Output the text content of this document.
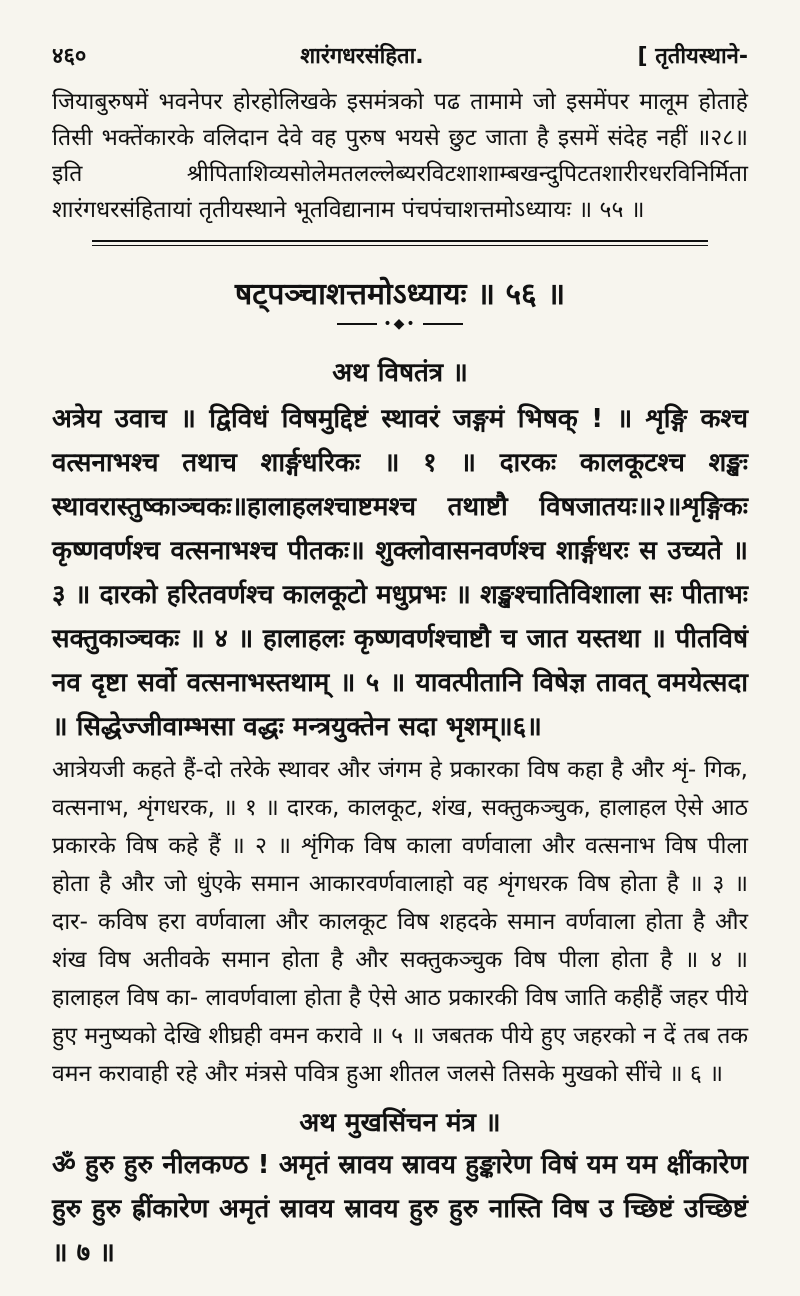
४६०	शारंगधरसंहिता.	[ तृतीयस्थाने-

जियाबुरुषमें भवनेपर होरहोलिखके इसमंत्रको पढ तामामे जो इसमेंपर मालूम होताहे तिसी भक्तेंकारके वलिदान देवे वह पुरुष भयसे छुट जाता है इसमें संदेह नहीं ॥२८॥ इति श्रीपिताशिव्यसोलेमतलल्लेब्यरविटशाशाम्बखन्दुपिटतशारीरधरविनिर्मिता शारंगधरसंहितायां तृतीयस्थाने भूतविद्यानाम पंचपंचाशत्तमोऽध्यायः ॥ ५५ ॥

षट्पञ्चाशत्तमोऽध्यायः ॥ ५६ ॥
•◆•
अथ विषतंत्र ॥
अत्रेय उवाच ॥ द्विविधं विषमुद्दिष्टं स्थावरं जङ्गमं भिषक् ! ॥ शृङ्गि कश्च वत्सनाभश्च तथाच शार्ङ्गधरिकः ॥ १ ॥ दारकः कालकूटश्च शङ्खः स्थावरास्तुष्काञ्चकः॥हालाहलश्चाष्टमश्च तथाष्टौ विषजातयः॥२॥शृङ्गिकः कृष्णवर्णश्च वत्सनाभश्च पीतकः॥ शुक्लोवासनवर्णश्च शार्ङ्गधरः स उच्यते ॥ ३ ॥ दारको हरितवर्णश्च कालकूटो मधुप्रभः ॥ शङ्खश्चातिविशाला सः पीताभः सक्तुकाञ्चकः ॥ ४ ॥ हालाहलः कृष्णवर्णश्चाष्टौ च जात यस्तथा ॥ पीतविषं नव दृष्टा सर्वो वत्सनाभस्तथाम् ॥ ५ ॥ यावत्पीतानि विषेज्ञ तावत् वमयेत्सदा ॥ सिद्धेज्जीवाम्भसा वद्धः मन्त्रयुक्तेन सदा भृशम्॥६॥
आत्रेयजी कहते हैं-दो तरेके स्थावर और जंगम हे प्रकारका विष कहा है और शृं- गिक, वत्सनाभ, शृंगधरक, ॥ १ ॥ दारक, कालकूट, शंख, सक्तुकञ्चुक, हालाहल ऐसे आठ प्रकारके विष कहे हैं ॥ २ ॥ शृंगिक विष काला वर्णवाला और वत्सनाभ विष पीला होता है और जो धुंएके समान आकारवर्णवालाहो वह शृंगधरक विष होता है ॥ ३ ॥ दार- कविष हरा वर्णवाला और कालकूट विष शहदके समान वर्णवाला होता है और शंख विष अतीवके समान होता है और सक्तुकञ्चुक विष पीला होता है ॥ ४ ॥ हालाहल विष का- लावर्णवाला होता है ऐसे आठ प्रकारकी विष जाति कहीहैं जहर पीये हुए मनुष्यको देखि शीघ्रही वमन करावे ॥ ५ ॥ जबतक पीये हुए जहरको न दें तब तक वमन करावाही रहे और मंत्रसे पवित्र हुआ शीतल जलसे तिसके मुखको सींचे ॥ ६ ॥
अथ मुखसिंचन मंत्र ॥
ॐ हुरु हुरु नीलकण्ठ ! अमृतं स्रावय स्रावय हुङ्कारेण विषं यम यम क्षींकारेण हुरु हुरु ह्रींकारेण अमृतं स्रावय स्रावय हुरु हुरु नास्ति विष उ च्छिष्टं उच्छिष्टं ॥ ७ ॥
